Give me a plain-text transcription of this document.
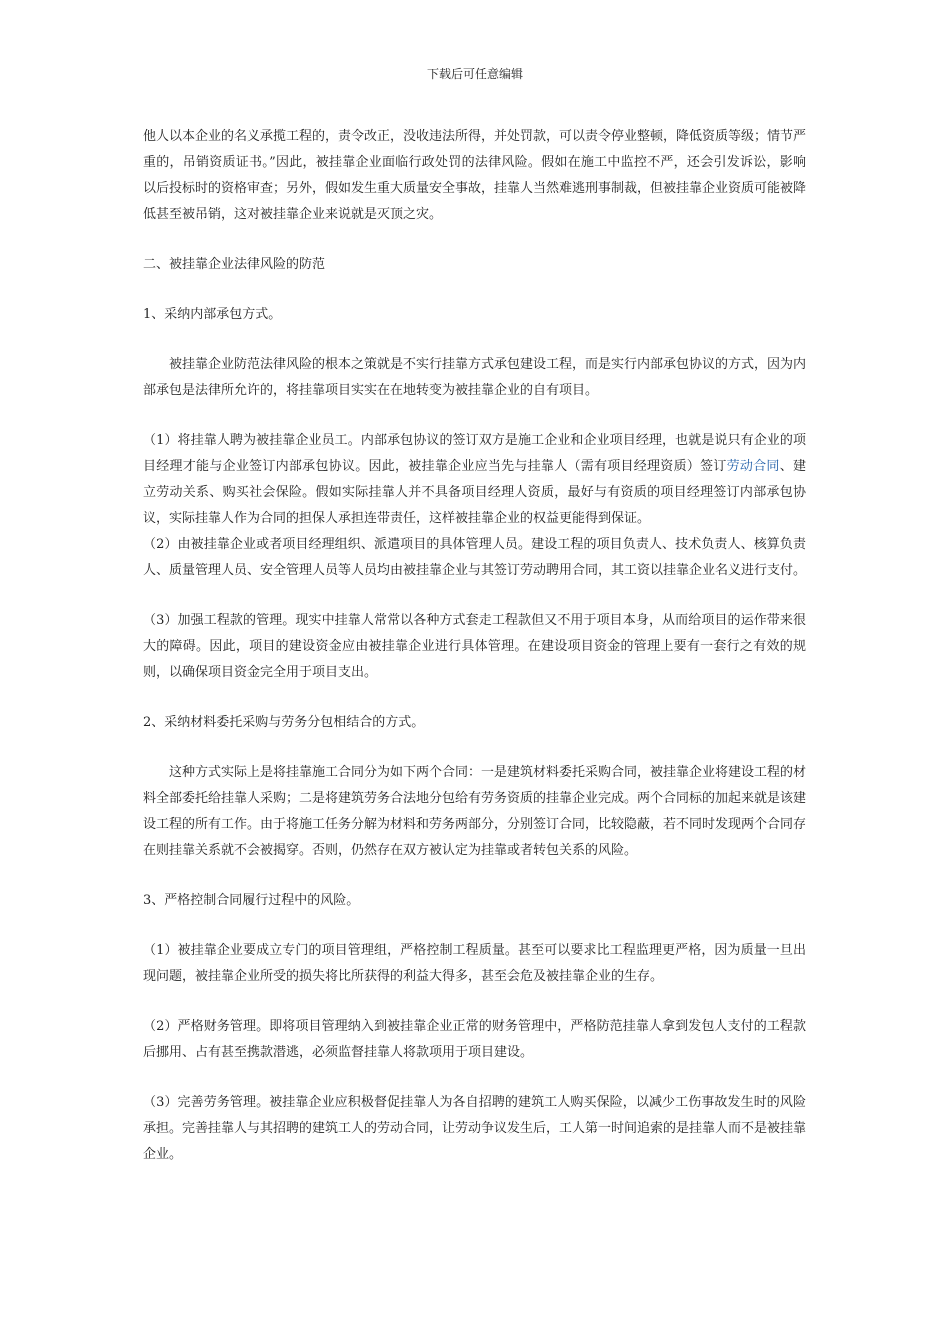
下载后可任意编辑

他人以本企业的名义承揽工程的，责令改正，没收违法所得，并处罚款，可以责令停业整顿，降低资质等级；情节严重的，吊销资质证书。”因此，被挂靠企业面临行政处罚的法律风险。假如在施工中监控不严，还会引发诉讼，影响以后投标时的资格审查；另外，假如发生重大质量安全事故，挂靠人当然难逃刑事制裁，但被挂靠企业资质可能被降低甚至被吊销，这对被挂靠企业来说就是灭顶之灾。

二、被挂靠企业法律风险的防范

1、采纳内部承包方式。

被挂靠企业防范法律风险的根本之策就是不实行挂靠方式承包建设工程，而是实行内部承包协议的方式，因为内部承包是法律所允许的，将挂靠项目实实在在地转变为被挂靠企业的自有项目。

（1）将挂靠人聘为被挂靠企业员工。内部承包协议的签订双方是施工企业和企业项目经理，也就是说只有企业的项目经理才能与企业签订内部承包协议。因此，被挂靠企业应当先与挂靠人（需有项目经理资质）签订劳动合同、建立劳动关系、购买社会保险。假如实际挂靠人并不具备项目经理人资质，最好与有资质的项目经理签订内部承包协议，实际挂靠人作为合同的担保人承担连带责任，这样被挂靠企业的权益更能得到保证。

（2）由被挂靠企业或者项目经理组织、派遣项目的具体管理人员。建设工程的项目负责人、技术负责人、核算负责人、质量管理人员、安全管理人员等人员均由被挂靠企业与其签订劳动聘用合同，其工资以挂靠企业名义进行支付。

（3）加强工程款的管理。现实中挂靠人常常以各种方式套走工程款但又不用于项目本身，从而给项目的运作带来很大的障碍。因此，项目的建设资金应由被挂靠企业进行具体管理。在建设项目资金的管理上要有一套行之有效的规则，以确保项目资金完全用于项目支出。

2、采纳材料委托采购与劳务分包相结合的方式。

这种方式实际上是将挂靠施工合同分为如下两个合同：一是建筑材料委托采购合同，被挂靠企业将建设工程的材料全部委托给挂靠人采购；二是将建筑劳务合法地分包给有劳务资质的挂靠企业完成。两个合同标的加起来就是该建设工程的所有工作。由于将施工任务分解为材料和劳务两部分，分别签订合同，比较隐蔽，若不同时发现两个合同存在则挂靠关系就不会被揭穿。否则，仍然存在双方被认定为挂靠或者转包关系的风险。

3、严格控制合同履行过程中的风险。

（1）被挂靠企业要成立专门的项目管理组，严格控制工程质量。甚至可以要求比工程监理更严格，因为质量一旦出现问题，被挂靠企业所受的损失将比所获得的利益大得多，甚至会危及被挂靠企业的生存。

（2）严格财务管理。即将项目管理纳入到被挂靠企业正常的财务管理中，严格防范挂靠人拿到发包人支付的工程款后挪用、占有甚至携款潜逃，必须监督挂靠人将款项用于项目建设。

（3）完善劳务管理。被挂靠企业应积极督促挂靠人为各自招聘的建筑工人购买保险，以减少工伤事故发生时的风险承担。完善挂靠人与其招聘的建筑工人的劳动合同，让劳动争议发生后，工人第一时间追索的是挂靠人而不是被挂靠企业。
